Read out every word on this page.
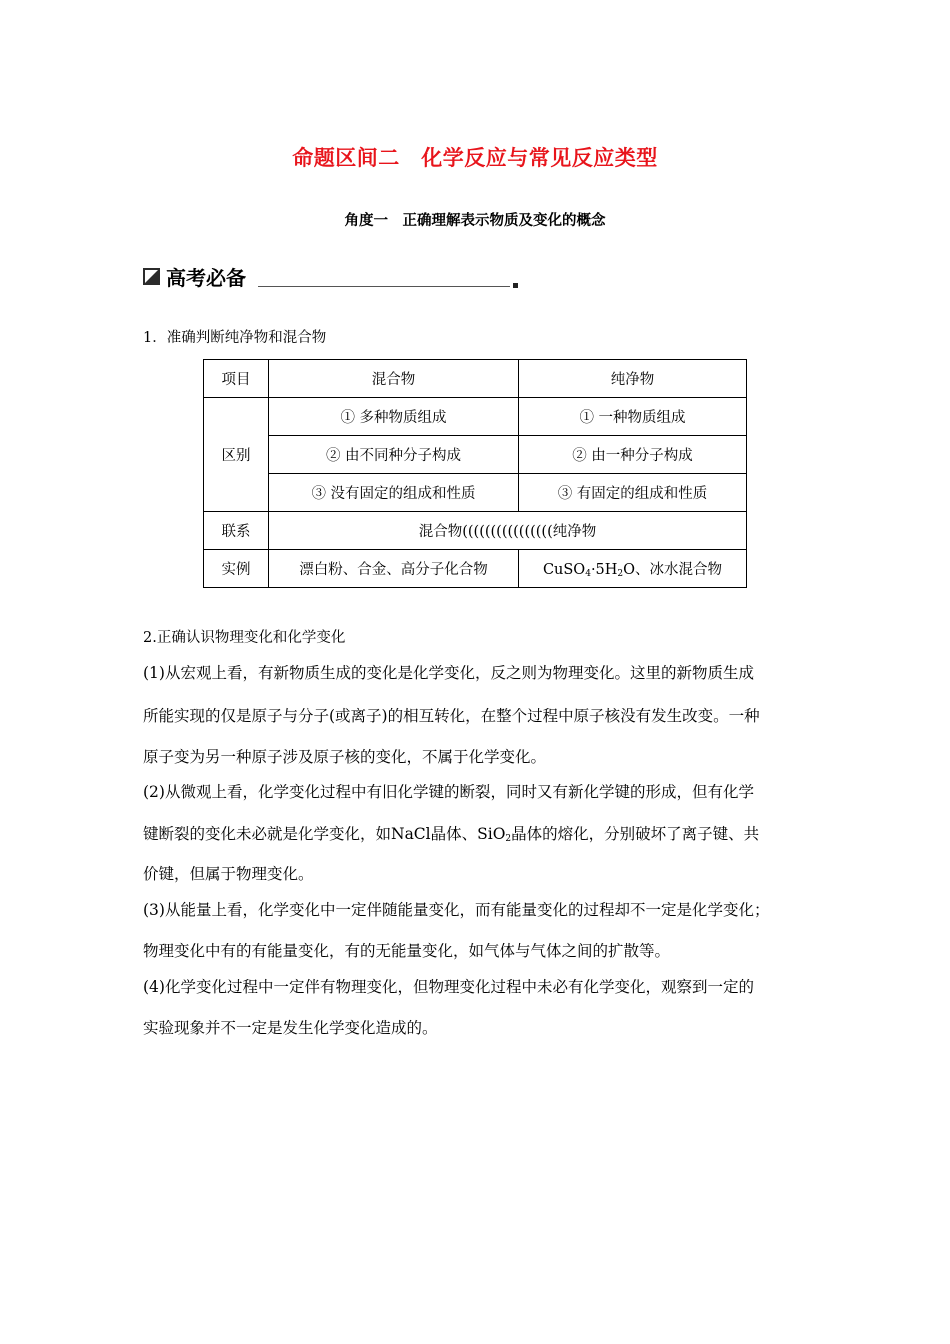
命题区间二　化学反应与常见反应类型
角度一　正确理解表示物质及变化的概念
高考必备
1．准确判断纯净物和混合物
项目	混合物	纯净物
区别	① 多种物质组成	① 一种物质组成
	② 由不同种分子构成	② 由一种分子构成
	③ 没有固定的组成和性质	③ 有固定的组成和性质
联系	混合物((((((((((((((((纯净物	
实例	漂白粉、合金、高分子化合物	$CuSO_4\cdot 5H_2O$、冰水混合物
2.正确认识物理变化和化学变化
(1)从宏观上看，有新物质生成的变化是化学变化，反之则为物理变化。这里的新物质生成
所能实现的仅是原子与分子(或离子)的相互转化，在整个过程中原子核没有发生改变。一种
原子变为另一种原子涉及原子核的变化，不属于化学变化。
(2)从微观上看，化学变化过程中有旧化学键的断裂，同时又有新化学键的形成，但有化学
键断裂的变化未必就是化学变化，如NaCl晶体、SiO$_2$晶体的熔化，分别破坏了离子键、共
价键，但属于物理变化。
(3)从能量上看，化学变化中一定伴随能量变化，而有能量变化的过程却不一定是化学变化；
物理变化中有的有能量变化，有的无能量变化，如气体与气体之间的扩散等。
(4)化学变化过程中一定伴有物理变化，但物理变化过程中未必有化学变化，观察到一定的
实验现象并不一定是发生化学变化造成的。
